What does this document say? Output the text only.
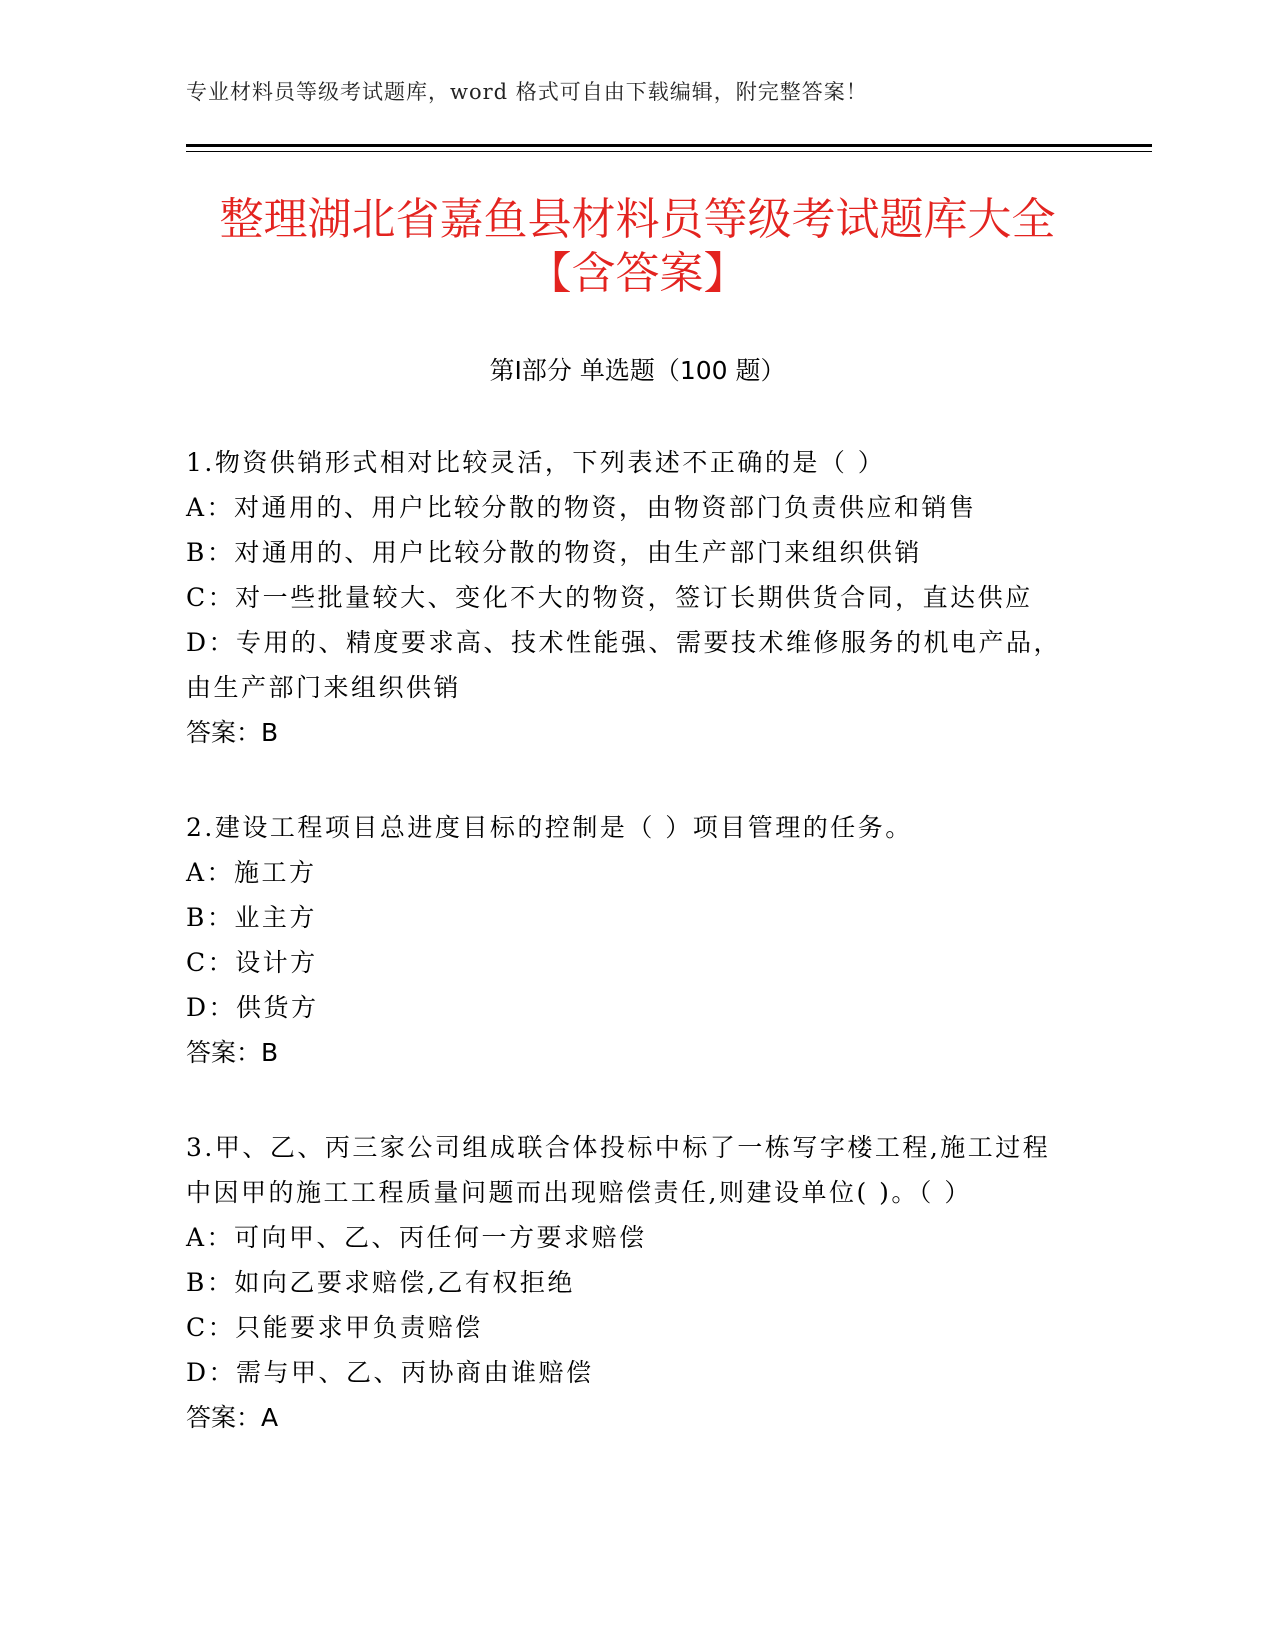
专业材料员等级考试题库，word 格式可自由下载编辑，附完整答案！
整理湖北省嘉鱼县材料员等级考试题库大全
【含答案】
第Ⅰ部分 单选题（100 题）
1.物资供销形式相对比较灵活，下列表述不正确的是（ ）
A：对通用的、用户比较分散的物资，由物资部门负责供应和销售
B：对通用的、用户比较分散的物资，由生产部门来组织供销
C：对一些批量较大、变化不大的物资，签订长期供货合同，直达供应
D：专用的、精度要求高、技术性能强、需要技术维修服务的机电产品，由生产部门来组织供销
答案：B
2.建设工程项目总进度目标的控制是（ ）项目管理的任务。
A：施工方
B：业主方
C：设计方
D：供货方
答案：B
3.甲、乙、丙三家公司组成联合体投标中标了一栋写字楼工程,施工过程中因甲的施工工程质量问题而出现赔偿责任,则建设单位( )。（ ）
A：可向甲、乙、丙任何一方要求赔偿
B：如向乙要求赔偿,乙有权拒绝
C：只能要求甲负责赔偿
D：需与甲、乙、丙协商由谁赔偿
答案：A
